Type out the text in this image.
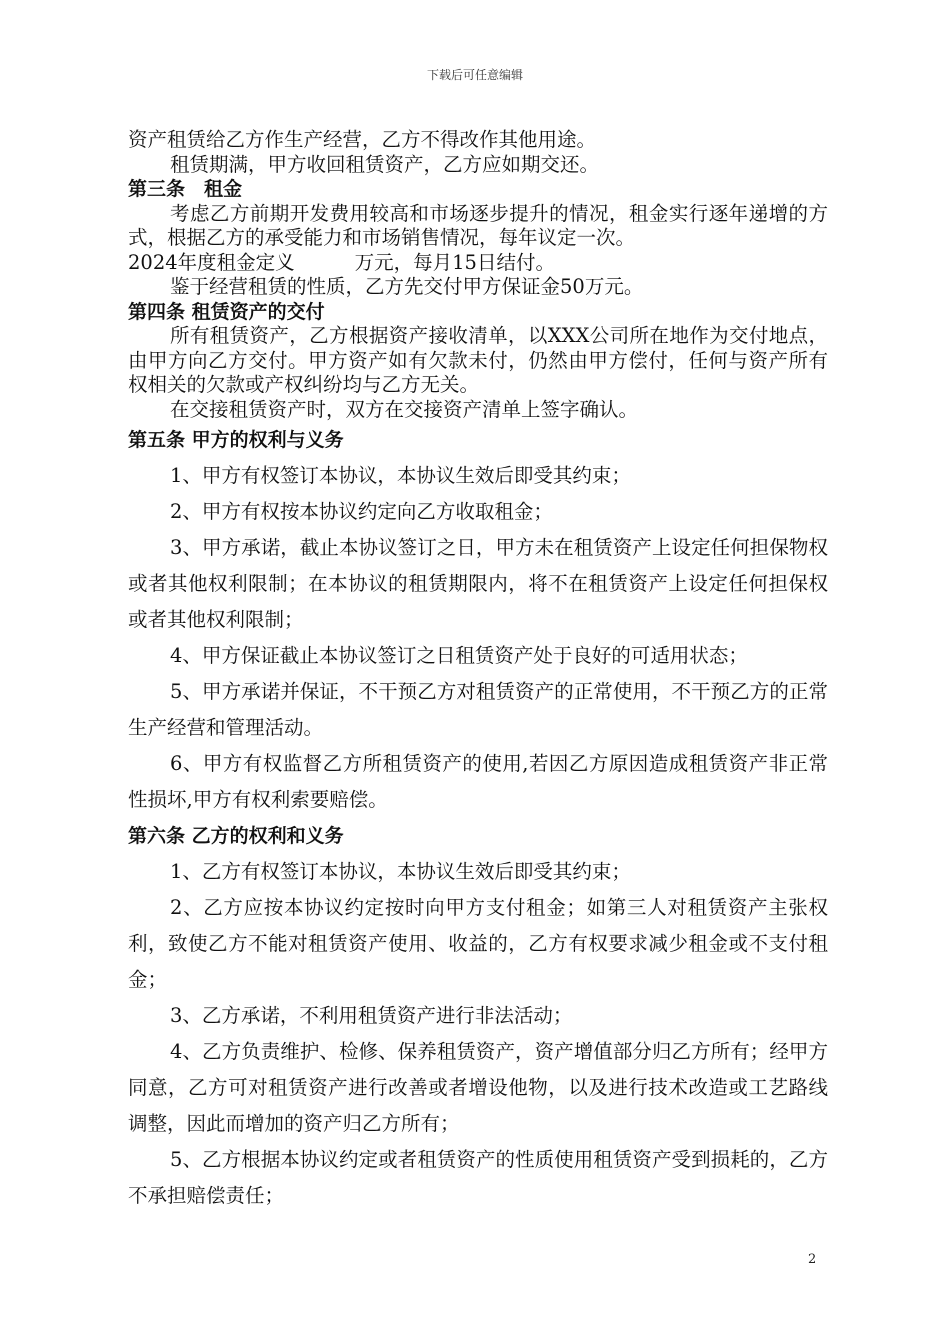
下载后可任意编辑

资产租赁给乙方作生产经营，乙方不得改作其他用途。

租赁期满，甲方收回租赁资产，乙方应如期交还。

第三条　租金

考虑乙方前期开发费用较高和市场逐步提升的情况，租金实行逐年递增的方式，根据乙方的承受能力和市场销售情况，每年议定一次。

2024年度租金定义	万元，每月15日结付。

鉴于经营租赁的性质，乙方先交付甲方保证金50万元。

第四条 租赁资产的交付

所有租赁资产，乙方根据资产接收清单，以XXX公司所在地作为交付地点，由甲方向乙方交付。甲方资产如有欠款未付，仍然由甲方偿付，任何与资产所有权相关的欠款或产权纠纷均与乙方无关。

在交接租赁资产时，双方在交接资产清单上签字确认。

第五条 甲方的权利与义务

1、甲方有权签订本协议，本协议生效后即受其约束；

2、甲方有权按本协议约定向乙方收取租金；

3、甲方承诺，截止本协议签订之日，甲方未在租赁资产上设定任何担保物权或者其他权利限制；在本协议的租赁期限内，将不在租赁资产上设定任何担保权或者其他权利限制；

4、甲方保证截止本协议签订之日租赁资产处于良好的可适用状态；

5、甲方承诺并保证，不干预乙方对租赁资产的正常使用，不干预乙方的正常生产经营和管理活动。

6、甲方有权监督乙方所租赁资产的使用,若因乙方原因造成租赁资产非正常性损坏,甲方有权利索要赔偿。

第六条 乙方的权利和义务

1、乙方有权签订本协议，本协议生效后即受其约束；

2、乙方应按本协议约定按时向甲方支付租金；如第三人对租赁资产主张权利，致使乙方不能对租赁资产使用、收益的，乙方有权要求减少租金或不支付租金；

3、乙方承诺，不利用租赁资产进行非法活动；

4、乙方负责维护、检修、保养租赁资产，资产增值部分归乙方所有；经甲方同意，乙方可对租赁资产进行改善或者增设他物，以及进行技术改造或工艺路线调整，因此而增加的资产归乙方所有；

5、乙方根据本协议约定或者租赁资产的性质使用租赁资产受到损耗的，乙方不承担赔偿责任；

2
